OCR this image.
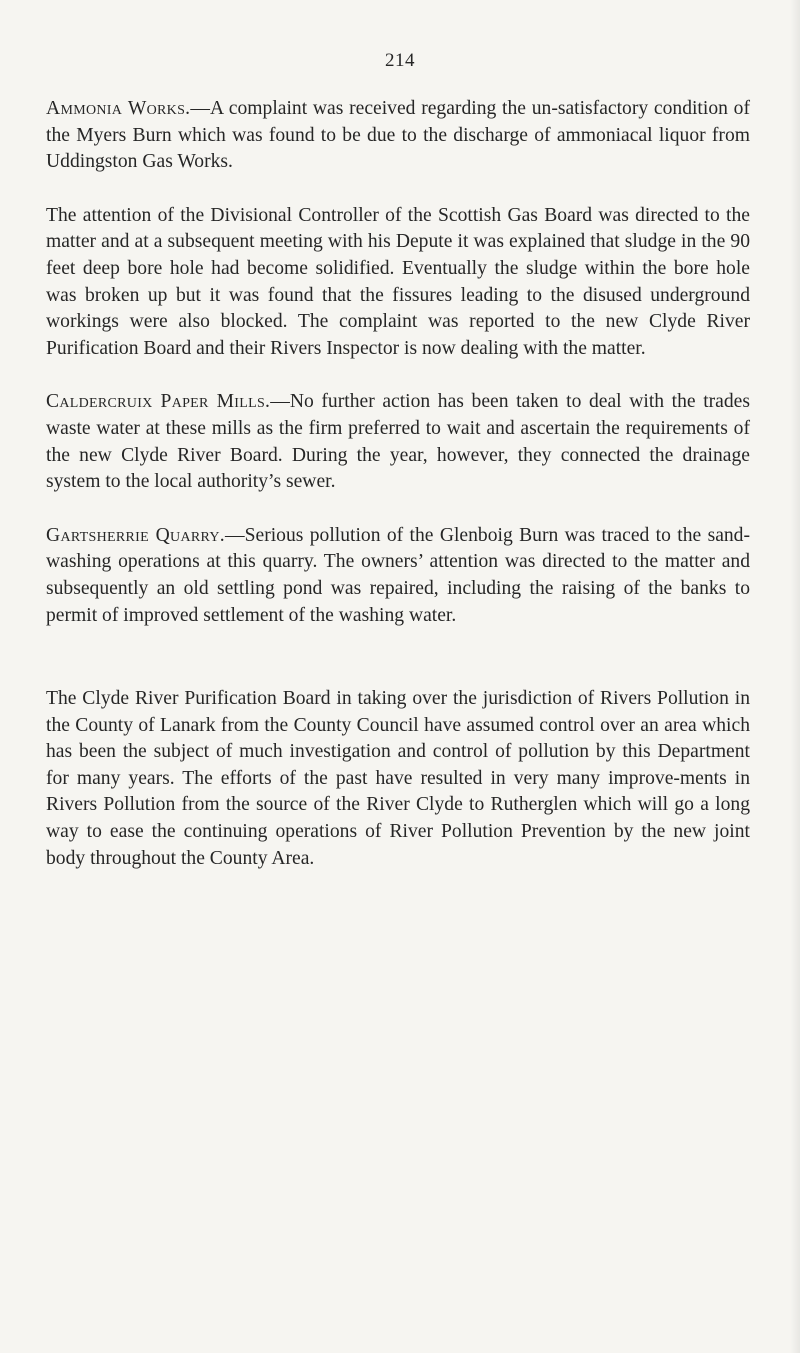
214

Ammonia Works.—A complaint was received regarding the un-satisfactory condition of the Myers Burn which was found to be due to the discharge of ammoniacal liquor from Uddingston Gas Works.

The attention of the Divisional Controller of the Scottish Gas Board was directed to the matter and at a subsequent meeting with his Depute it was explained that sludge in the 90 feet deep bore hole had become solidified. Eventually the sludge within the bore hole was broken up but it was found that the fissures leading to the disused underground workings were also blocked. The complaint was reported to the new Clyde River Purification Board and their Rivers Inspector is now dealing with the matter.

Caldercruix Paper Mills.—No further action has been taken to deal with the trades waste water at these mills as the firm preferred to wait and ascertain the requirements of the new Clyde River Board. During the year, however, they connected the drainage system to the local authority’s sewer.

Gartsherrie Quarry.—Serious pollution of the Glenboig Burn was traced to the sand-washing operations at this quarry. The owners’ attention was directed to the matter and subsequently an old settling pond was repaired, including the raising of the banks to permit of improved settlement of the washing water.

The Clyde River Purification Board in taking over the jurisdiction of Rivers Pollution in the County of Lanark from the County Council have assumed control over an area which has been the subject of much investigation and control of pollution by this Department for many years. The efforts of the past have resulted in very many improve-ments in Rivers Pollution from the source of the River Clyde to Rutherglen which will go a long way to ease the continuing operations of River Pollution Prevention by the new joint body throughout the County Area.
